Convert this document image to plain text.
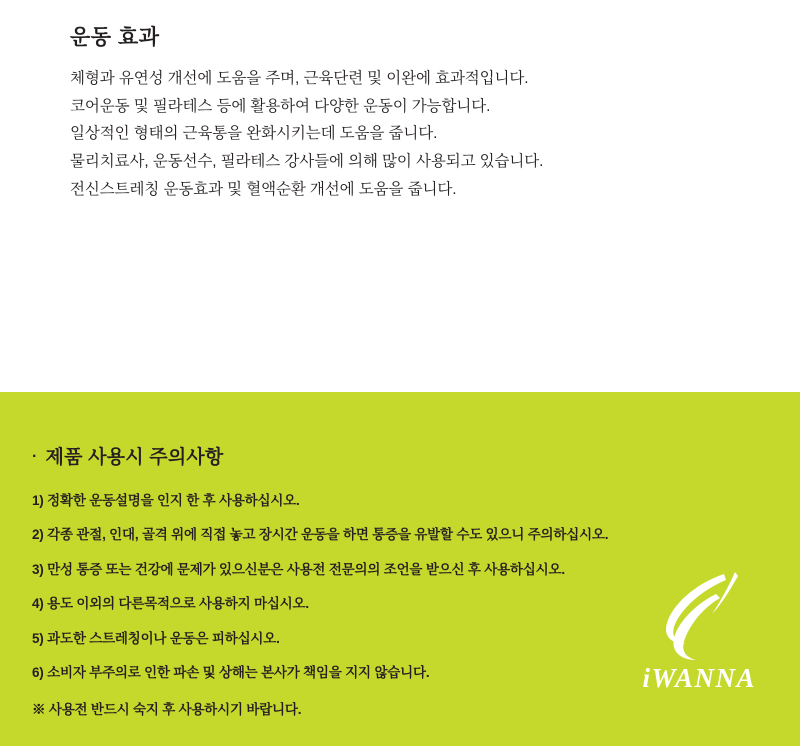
운동 효과
체형과 유연성 개선에 도움을 주며, 근육단련 및 이완에 효과적입니다.
코어운동 및 필라테스 등에 활용하여 다양한 운동이 가능합니다.
일상적인 형태의 근육통을 완화시키는데 도움을 줍니다.
물리치료사, 운동선수, 필라테스 강사들에 의해 많이 사용되고 있습니다.
전신스트레칭 운동효과 및 혈액순환 개선에 도움을 줍니다.
· 제품 사용시 주의사항
1) 정확한 운동설명을 인지 한 후 사용하십시오.
2) 각종 관절, 인대, 골격 위에 직접 놓고 장시간 운동을 하면 통증을 유발할 수도 있으니 주의하십시오.
3) 만성 통증 또는 건강에 문제가 있으신분은 사용전 전문의의 조언을 받으신 후 사용하십시오.
4) 용도 이외의 다른목적으로 사용하지 마십시오.
5) 과도한 스트레칭이나 운동은 피하십시오.
6) 소비자 부주의로 인한 파손 및 상해는 본사가 책임을 지지 않습니다.
※ 사용전 반드시 숙지 후 사용하시기 바랍니다.
iWANNA
